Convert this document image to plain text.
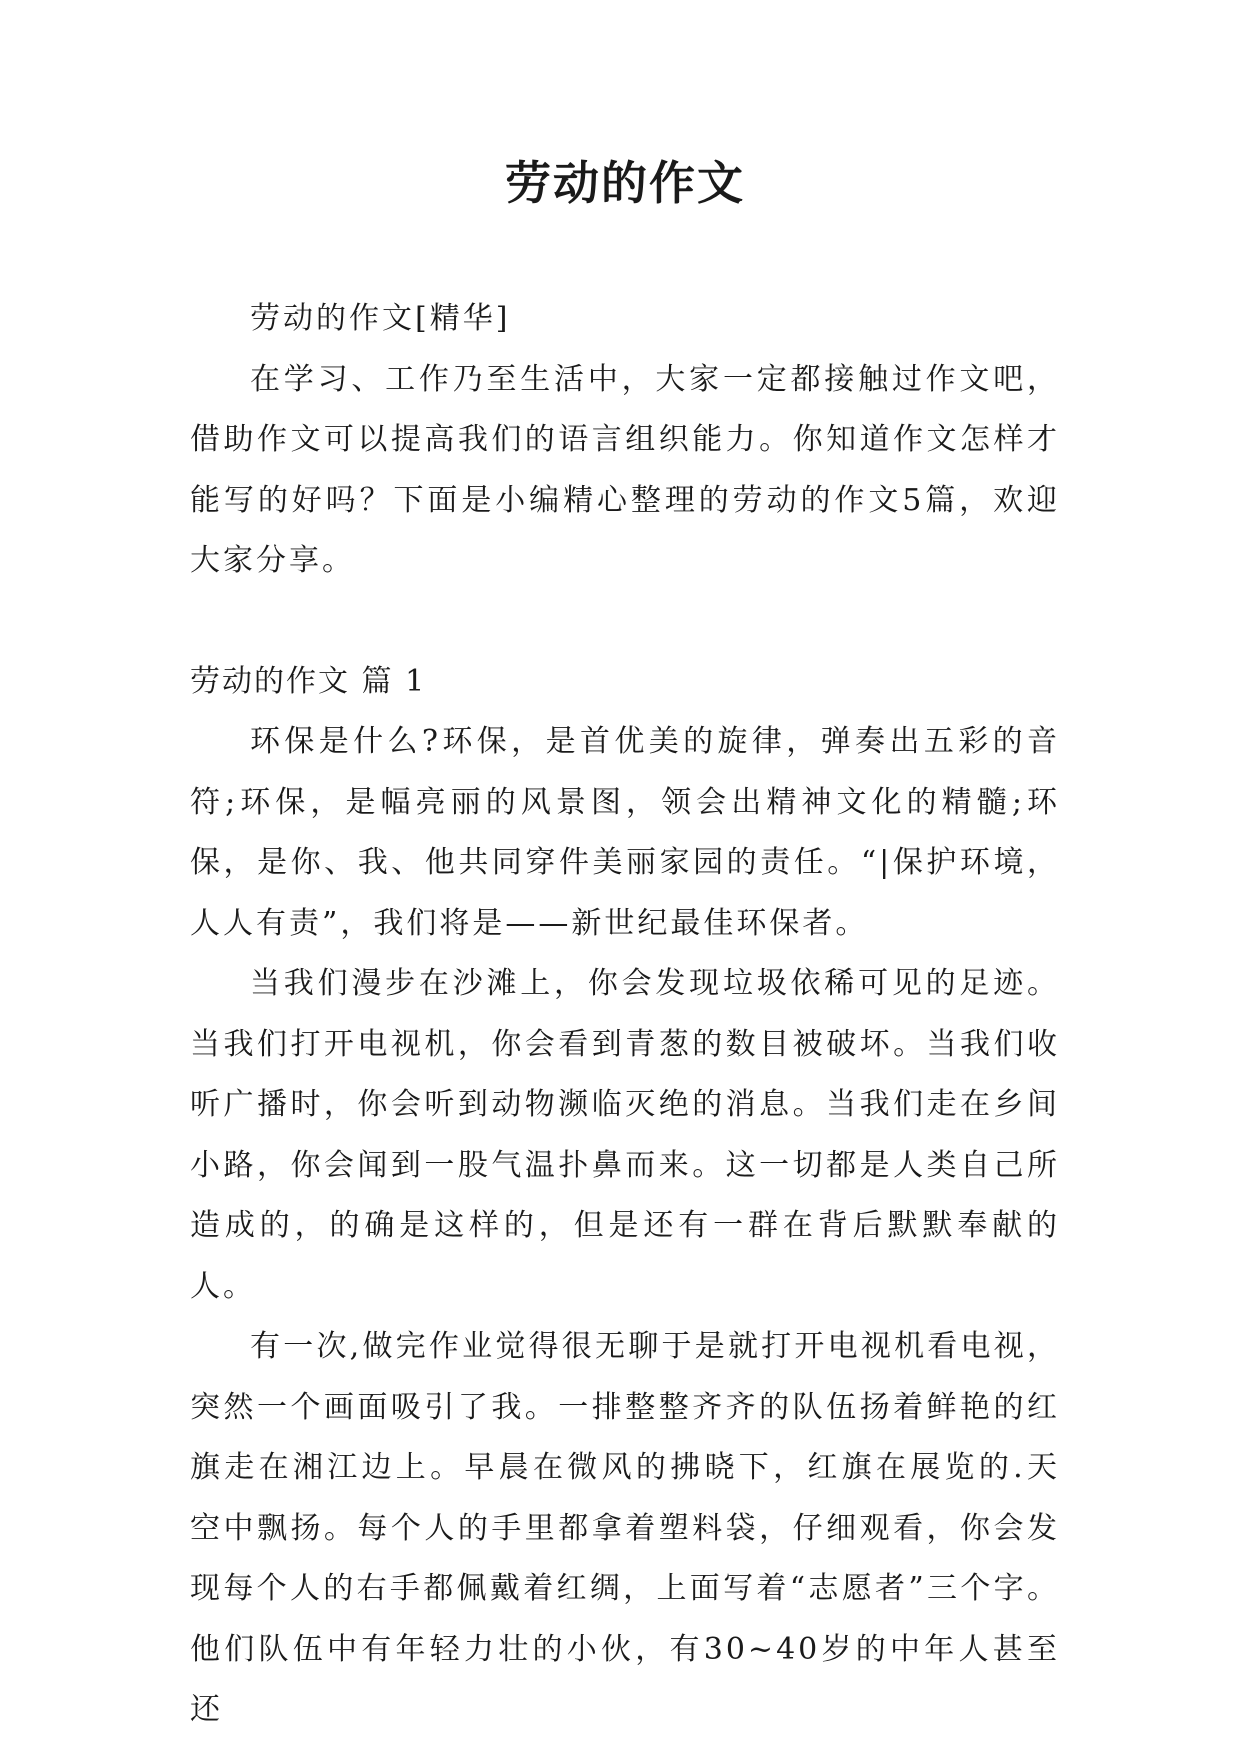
劳动的作文

劳动的作文[精华]

在学习、工作乃至生活中，大家一定都接触过作文吧，借助作文可以提高我们的语言组织能力。你知道作文怎样才能写的好吗？下面是小编精心整理的劳动的作文5篇，欢迎大家分享。

劳动的作文 篇 1

环保是什么?环保，是首优美的旋律，弹奏出五彩的音符;环保，是幅亮丽的风景图，领会出精神文化的精髓;环保，是你、我、他共同穿件美丽家园的责任。“|保护环境，人人有责”，我们将是——新世纪最佳环保者。

当我们漫步在沙滩上，你会发现垃圾依稀可见的足迹。当我们打开电视机，你会看到青葱的数目被破坏。当我们收听广播时，你会听到动物濒临灭绝的消息。当我们走在乡间小路，你会闻到一股气温扑鼻而来。这一切都是人类自己所造成的，的确是这样的，但是还有一群在背后默默奉献的人。

有一次,做完作业觉得很无聊于是就打开电视机看电视，突然一个画面吸引了我。一排整整齐齐的队伍扬着鲜艳的红旗走在湘江边上。早晨在微风的拂晓下，红旗在展览的.天空中飘扬。每个人的手里都拿着塑料袋，仔细观看，你会发现每个人的右手都佩戴着红绸，上面写着“志愿者”三个字。他们队伍中有年轻力壮的小伙，有30~40岁的中年人甚至还
